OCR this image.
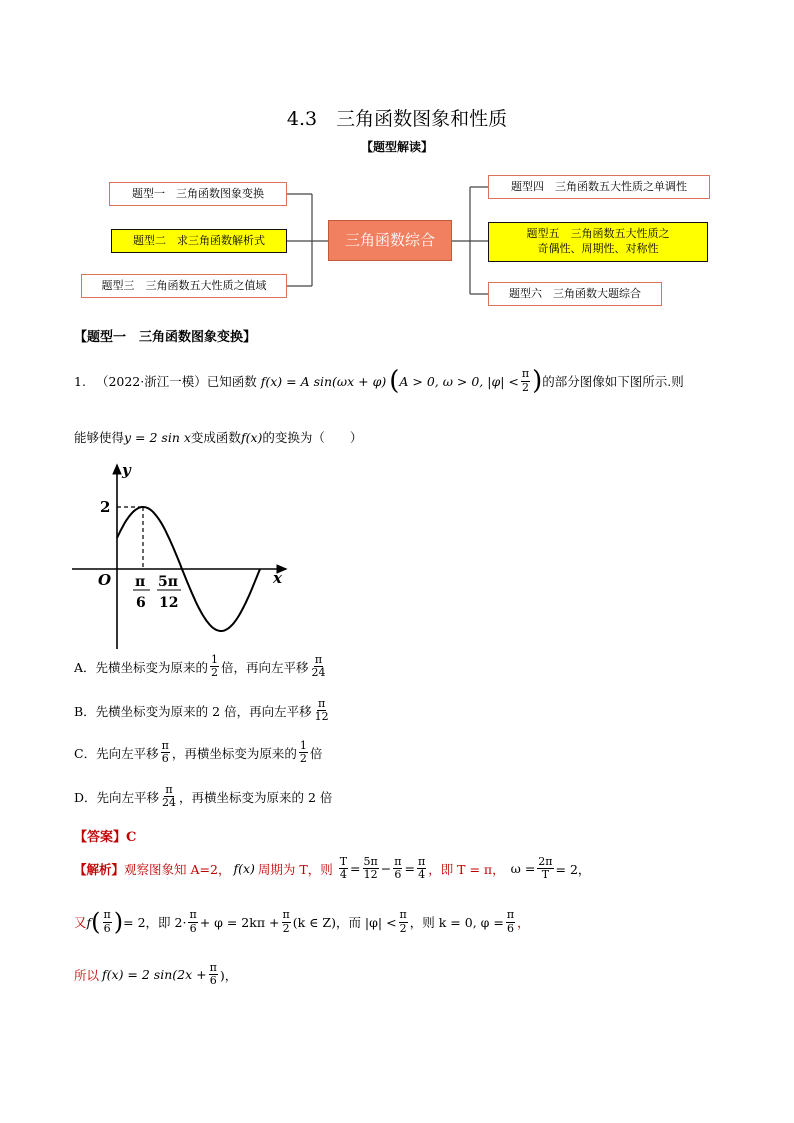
4.3　三角函数图象和性质
【题型解读】
题型一　三角函数图象变换
题型二　求三角函数解析式
题型三　三角函数五大性质之值域
三角函数综合
题型四　三角函数五大性质之单调性
题型五　三角函数五大性质之
奇偶性、周期性、对称性
题型六　三角函数大题综合
【题型一　三角函数图象变换】
1. （2022·浙江一模）已知函数 f(x) = A sin(ωx + φ) ( A > 0, ω > 0, $|\varphi| < \frac{\pi}{2}$ ) 的部分图像如下图所示.则
能够使得y = 2 sin x变成函数f(x)的变换为（　　）
y
x
O
2
π
6
5π
12
A．先横坐标变为原来的 $\frac{1}{2}$ 倍，再向左平移 $\frac{\pi}{24}$
B．先横坐标变为原来的 2 倍，再向左平移 $\frac{\pi}{12}$
C．先向左平移 $\frac{\pi}{6}$ ，再横坐标变为原来的 $\frac{1}{2}$ 倍
D．先向左平移 $\frac{\pi}{24}$ ，再横坐标变为原来的 2 倍
【答案】C
【解析】 观察图象知 A=2， f(x) 周期为 T，则 $\frac{T}{4} = \frac{5\pi}{12} - \frac{\pi}{6} = \frac{\pi}{4}$ ，即 T = π， $\omega = \frac{2\pi}{T} = 2$，
又 f ( $\frac{\pi}{6}$ ) = 2，即 $2\cdot \frac{\pi}{6} + \varphi = 2k\pi + \frac{\pi}{2} (k$ ∈ Z)，而 $|\varphi| < \frac{\pi}{2}$ ，则 k = 0, $\varphi = \frac{\pi}{6}$ ，
所以 f(x) = 2 $\sin(2x + \frac{\pi}{6}$ )，
